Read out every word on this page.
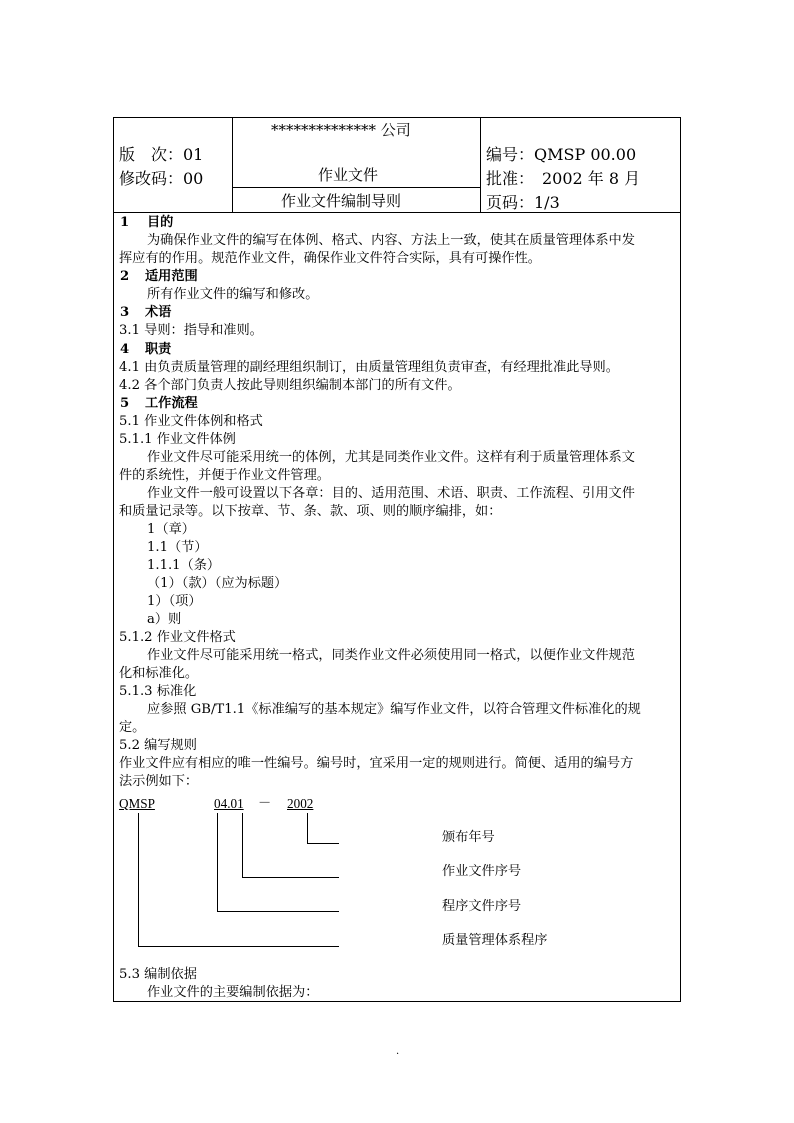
版　次：01
修改码：00
************** 公司
作业文件
作业文件编制导则
编号：QMSP 00.00
批准：　2002 年 8 月
页码：1/3
1 目的
为确保作业文件的编写在体例、格式、内容、方法上一致，使其在质量管理体系中发
挥应有的作用。规范作业文件，确保作业文件符合实际，具有可操作性。
2 适用范围
所有作业文件的编写和修改。
3 术语
3.1 导则：指导和准则。
4 职责
4.1 由负责质量管理的副经理组织制订，由质量管理组负责审查，有经理批准此导则。
4.2 各个部门负责人按此导则组织编制本部门的所有文件。
5 工作流程
5.1 作业文件体例和格式
5.1.1 作业文件体例
作业文件尽可能采用统一的体例，尤其是同类作业文件。这样有利于质量管理体系文
件的系统性，并便于作业文件管理。
作业文件一般可设置以下各章：目的、适用范围、术语、职责、工作流程、引用文件
和质量记录等。以下按章、节、条、款、项、则的顺序编排，如：
1（章）
1.1（节）
1.1.1（条）
（1）（款）（应为标题）
1）（项）
a）则
5.1.2 作业文件格式
作业文件尽可能采用统一格式，同类作业文件必须使用同一格式，以便作业文件规范
化和标准化。
5.1.3 标准化
应参照 GB/T1.1《标准编写的基本规定》编写作业文件，以符合管理文件标准化的规
定。
5.2 编写规则
作业文件应有相应的唯一性编号。编号时，宜采用一定的规则进行。简便、适用的编号方
法示例如下：
QMSP	04.01 － 2002
颁布年号
作业文件序号
程序文件序号
质量管理体系程序
5.3 编制依据
作业文件的主要编制依据为：
.
